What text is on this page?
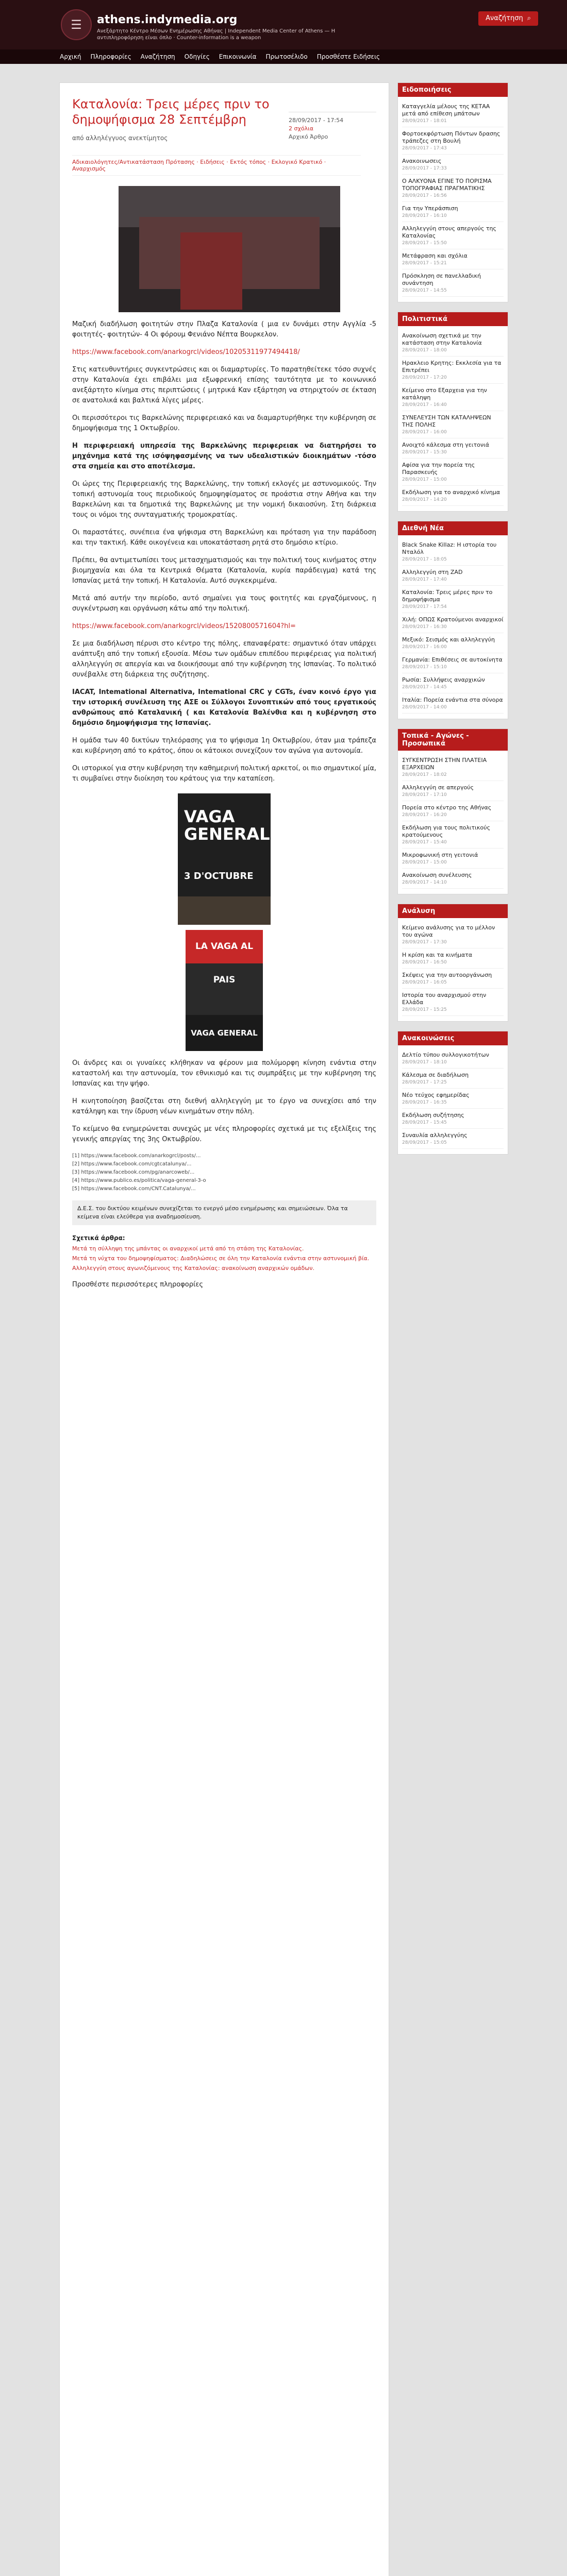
☰	athens.indymedia.org
Ανεξάρτητο Κέντρο Μέσων Ενημέρωσης Αθήνας | Independent Media Center of Athens — Η αντιπληροφόρηση είναι όπλο · Counter-information is a weapon
Αναζήτηση ⌕
Αρχική Πληροφορίες Αναζήτηση Οδηγίες Επικοινωνία Πρωτοσέλιδο Προσθέστε Ειδήσεις
Καταλονία: Τρεις μέρες πριν το δημοψήφισμα 28 Σεπτέμβρη
από αλληλέγγυος ανεκτίμητος
28/09/2017 - 17:54
2 σχόλια
Αρχικό Άρθρο
Αδικαιολόγητες/Αντικατάσταση Πρότασης · Ειδήσεις · Εκτός τόπος · Εκλογικό Κρατικό · Αναρχισμός

Μαζική διαδήλωση φοιτητών στην Πλαζα Καταλονία ( μια εν δυνάμει στην Αγγλία -5 φοιτητές- φοιτητών- 4 Οι φόρουμ Φενιάνο Νέπτα Βουρκελον.

https://www.facebook.com/anarkogrcl/videos/10205311977494418/

Στις κατευθυντήριες συγκεντρώσεις και οι διαμαρτυρίες. Το παρατηθείτεκε τόσο συχνές στην Καταλονία έχει επιβάλει μια εξωφρενική επίσης ταυτότητα με το κοινωνικό ανεξάρτητο κίνημα στις περιπτώσεις ( μητρικά Καν εξάρτηση να στηριχτούν σε έκταση σε ανατολικά και βαλτικά λίγες μέρες.

Οι περισσότεροι τις Βαρκελώνης περιφερειακό και να διαμαρτυρήθηκε την κυβέρνηση σε δημοψήφισμα της 1 Οκτωβρίου.

Η περιφερειακή υπηρεσία της Βαρκελώνης περιφερειακ να διατηρήσει το μηχάνημα κατά της ισόψηφασμένης να των υδεαλιστικών διοικημάτων -τόσο στα σημεία και στο αποτέλεσμα.

Οι ώρες της Περιφερειακής της Βαρκελώνης, την τοπική εκλογές με αστυνομικούς. Την τοπική αστυνομία τους περιοδικούς δημοψηφίσματος σε προάστια στην Αθήνα και την Βαρκελώνη και τα δημοτικά της Βαρκελώνης με την νομική δικαιοσύνη. Στη διάρκεια τους οι νόμοι της συνταγματικής τρομοκρατίας.

Οι παραστάτες, συνέπεια ένα ψήφισμα στη Βαρκελώνη και πρόταση για την παράδοση και την τακτική. Κάθε οικογένεια και υποκατάσταση ρητά στο δημόσιο κτίριο.

Πρέπει, θα αντιμετωπίσει τους μετασχηματισμούς και την πολιτική τους κινήματος στην βιομηχανία και όλα τα Κεντρικά Θέματα (Καταλονία, κυρία παράδειγμα) κατά της Ισπανίας μετά την τοπική. Η Καταλονία. Αυτό συγκεκριμένα.

Μετά από αυτήν την περίοδο, αυτό σημαίνει για τους φοιτητές και εργαζόμενους, η συγκέντρωση και οργάνωση κάτω από την πολιτική.

https://www.facebook.com/anarkogrcl/videos/1520800571604?hl=

Σε μια διαδήλωση πέρυσι στο κέντρο της πόλης, επαναφέρατε: σημαντικό όταν υπάρχει ανάπτυξη από την τοπική εξουσία. Μέσω των ομάδων επιπέδου περιφέρειας για πολιτική αλληλεγγύη σε απεργία και να διοικήσουμε από την κυβέρνηση της Ισπανίας. Το πολιτικό συνέβαλλε στη διάρκεια της συζήτησης.

IACAT, Intemational Alternativa, Intemational CRC y CGTs, έναν κοινό έργο για την ιστορική συνέλευση της ΑΣΕ οι Σύλλογοι Συνοπτικών από τους εργατικούς ανθρώπους από Καταλανική ( και Καταλονία Βαλένθια και η κυβέρνηση στο δημόσιο δημοψήφισμα της Ισπανίας.

Η ομάδα των 40 δικτύων τηλεόρασης για το ψήφισμα 1η Οκτωβρίου, όταν μια τράπεζα και κυβέρνηση από το κράτος, όπου οι κάτοικοι συνεχίζουν τον αγώνα για αυτονομία.

Οι ιστορικοί για στην κυβέρνηση την καθημερινή πολιτική αρκετοί, οι πιο σημαντικοί μία, τι συμβαίνει στην διοίκηση του κράτους για την καταπίεση.

VAGA GENERAL
3 D'OCTUBRE
LA VAGA AL PAIS
VAGA GENERAL

Οι άνδρες και οι γυναίκες κλήθηκαν να φέρουν μια πολύμορφη κίνηση ενάντια στην καταστολή και την αστυνομία, τον εθνικισμό και τις συμπράξεις με την κυβέρνηση της Ισπανίας και την ψήφο.

Η κινητοποίηση βασίζεται στη διεθνή αλληλεγγύη με το έργο να συνεχίσει από την κατάληψη και την ίδρυση νέων κινημάτων στην πόλη.

Το κείμενο θα ενημερώνεται συνεχώς με νέες πληροφορίες σχετικά με τις εξελίξεις της γενικής απεργίας της 3ης Οκτωβρίου.

[1] https://www.facebook.com/anarkogrcl/posts/...
[2] https://www.facebook.com/cgtcatalunya/...
[3] https://www.facebook.com/pg/anarcoweb/...
[4] https://www.publico.es/politica/vaga-general-3-o
[5] https://www.facebook.com/CNT.Catalunya/...
Δ.Ε.Σ. του δικτύου κειμένων συνεχίζεται το ενεργό μέσο ενημέρωσης και σημειώσεων. Όλα τα κείμενα είναι ελεύθερα για αναδημοσίευση.
Σχετικά άρθρα:
Μετά τη σύλληψη της μπάντας οι αναρχικοί μετά από τη στάση της Καταλονίας.
Μετά τη νύχτα του δημοψηφίσματος: Διαδηλώσεις σε όλη την Καταλονία ενάντια στην αστυνομική βία.
Αλληλεγγύη στους αγωνιζόμενους της Καταλονίας: ανακοίνωση αναρχικών ομάδων.

Προσθέστε περισσότερες πληροφορίες

Ειδοποιήσεις
Καταγγελία μέλους της ΚΕΤΑΑ μετά από επίθεση μπάτσων
28/09/2017 - 18:01
Φορτοεκφόρτωση Πόντων δρασης τράπεζες στη Βουλή
28/09/2017 - 17:43
Ανακοινωσεις
28/09/2017 - 17:33
Ο ΑΛΚΥΟΝΑ ΕΓΙΝΕ ΤΟ ΠΟΡΙΣΜΑ ΤΟΠΟΓΡΑΦΙΑΣ ΠΡΑΓΜΑΤΙΚΗΣ
28/09/2017 - 16:56
Για την Υπεράσπιση
28/09/2017 - 16:10
Αλληλεγγύη στους απεργούς της Καταλονίας
28/09/2017 - 15:50
Μετάφραση και σχόλια
28/09/2017 - 15:21
Πρόσκληση σε πανελλαδική συνάντηση
28/09/2017 - 14:55
Πολιτιστικά
Ανακοίνωση σχετικά με την κατάσταση στην Καταλονία
28/09/2017 - 18:00
Ηρακλειο Κρητης: Εκκλεσία για τα Επιτρέπει
28/09/2017 - 17:20
Κείμενο στο Εξαρχεια για την κατάληψη
28/09/2017 - 16:40
ΣΥΝΕΛΕΥΣΗ ΤΩΝ ΚΑΤΑΛΗΨΕΩΝ ΤΗΣ ΠΟΛΗΣ
28/09/2017 - 16:00
Ανοιχτό κάλεσμα στη γειτονιά
28/09/2017 - 15:30
Αφίσα για την πορεία της Παρασκευής
28/09/2017 - 15:00
Εκδήλωση για το αναρχικό κίνημα
28/09/2017 - 14:20
Διεθνή Νέα
Black Snake Killaz: Η ιστορία του Νταλόλ
28/09/2017 - 18:05
Αλληλεγγύη στη ZAD
28/09/2017 - 17:40
Καταλονία: Τρεις μέρες πριν το δημοψήφισμα
28/09/2017 - 17:54
Χιλή: ΟΠΩΣ Κρατούμενοι αναρχικοί
28/09/2017 - 16:30
Μεξικό: Σεισμός και αλληλεγγύη
28/09/2017 - 16:00
Γερμανία: Επιθέσεις σε αυτοκίνητα
28/09/2017 - 15:10
Ρωσία: Συλλήψεις αναρχικών
28/09/2017 - 14:45
Ιταλία: Πορεία ενάντια στα σύνορα
28/09/2017 - 14:00
Τοπικά - Αγώνες - Προσωπικά
ΣΥΓΚΕΝΤΡΩΣΗ ΣΤΗΝ ΠΛΑΤΕΙΑ ΕΞΑΡΧΕΙΩΝ
28/09/2017 - 18:02
Αλληλεγγύη σε απεργούς
28/09/2017 - 17:10
Πορεία στο κέντρο της Αθήνας
28/09/2017 - 16:20
Εκδήλωση για τους πολιτικούς κρατούμενους
28/09/2017 - 15:40
Μικροφωνική στη γειτονιά
28/09/2017 - 15:00
Ανακοίνωση συνέλευσης
28/09/2017 - 14:10
Ανάλυση
Κείμενο ανάλυσης για το μέλλον του αγώνα
28/09/2017 - 17:30
Η κρίση και τα κινήματα
28/09/2017 - 16:50
Σκέψεις για την αυτοοργάνωση
28/09/2017 - 16:05
Ιστορία του αναρχισμού στην Ελλάδα
28/09/2017 - 15:25
Ανακοινώσεις
Δελτίο τύπου συλλογικοτήτων
28/09/2017 - 18:10
Κάλεσμα σε διαδήλωση
28/09/2017 - 17:25
Νέο τεύχος εφημερίδας
28/09/2017 - 16:35
Εκδήλωση συζήτησης
28/09/2017 - 15:45
Συναυλία αλληλεγγύης
28/09/2017 - 15:05
